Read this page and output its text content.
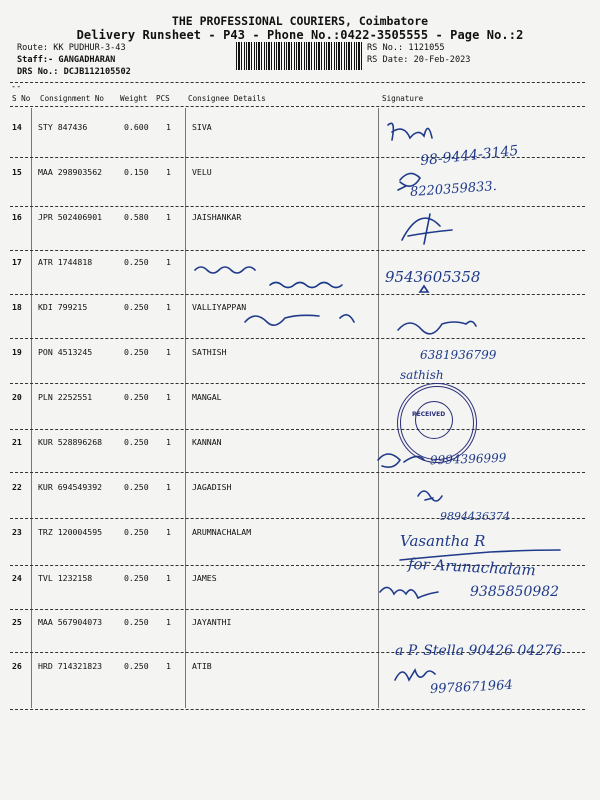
THE PROFESSIONAL COURIERS, Coimbatore
Delivery Runsheet - P43 - Phone No.:0422-3505555 - Page No.:2
Route: KK PUDHUR-3-43
Staff:- GANGADHARAN
DRS No.: DCJB112105502
RS No.: 1121055
RS Date: 20-Feb-2023
--
S No Consignment No Weight PCS Consignee Details	Signature
14 STY 847436	0.600 1	SIVA
15 MAA 298903562	0.150 1	VELU
16 JPR 502406901	0.580 1	JAISHANKAR
17 ATR 1744818	0.250 1
18 KDI 799215	0.250 1	VALLIYAPPAN
19 PON 4513245	0.250 1	SATHISH
20 PLN 2252551	0.250 1	MANGAL
21 KUR 528896268	0.250 1	KANNAN
22 KUR 694549392	0.250 1	JAGADISH
23 TRZ 120004595	0.250 1	ARUMNACHALAM
24 TVL 1232158	0.250 1	JAMES
25 MAA 567904073	0.250 1	JAYANTHI
26 HRD 714321823	0.250 1	ATIB
98-9444-3145
8220359833.
9543605358
6381936799
sathish
9994396999
9894436374
Vasantha R
for Arunachalam
9385850982
a P. Stella 90426 04276
9978671964
RECEIVED
